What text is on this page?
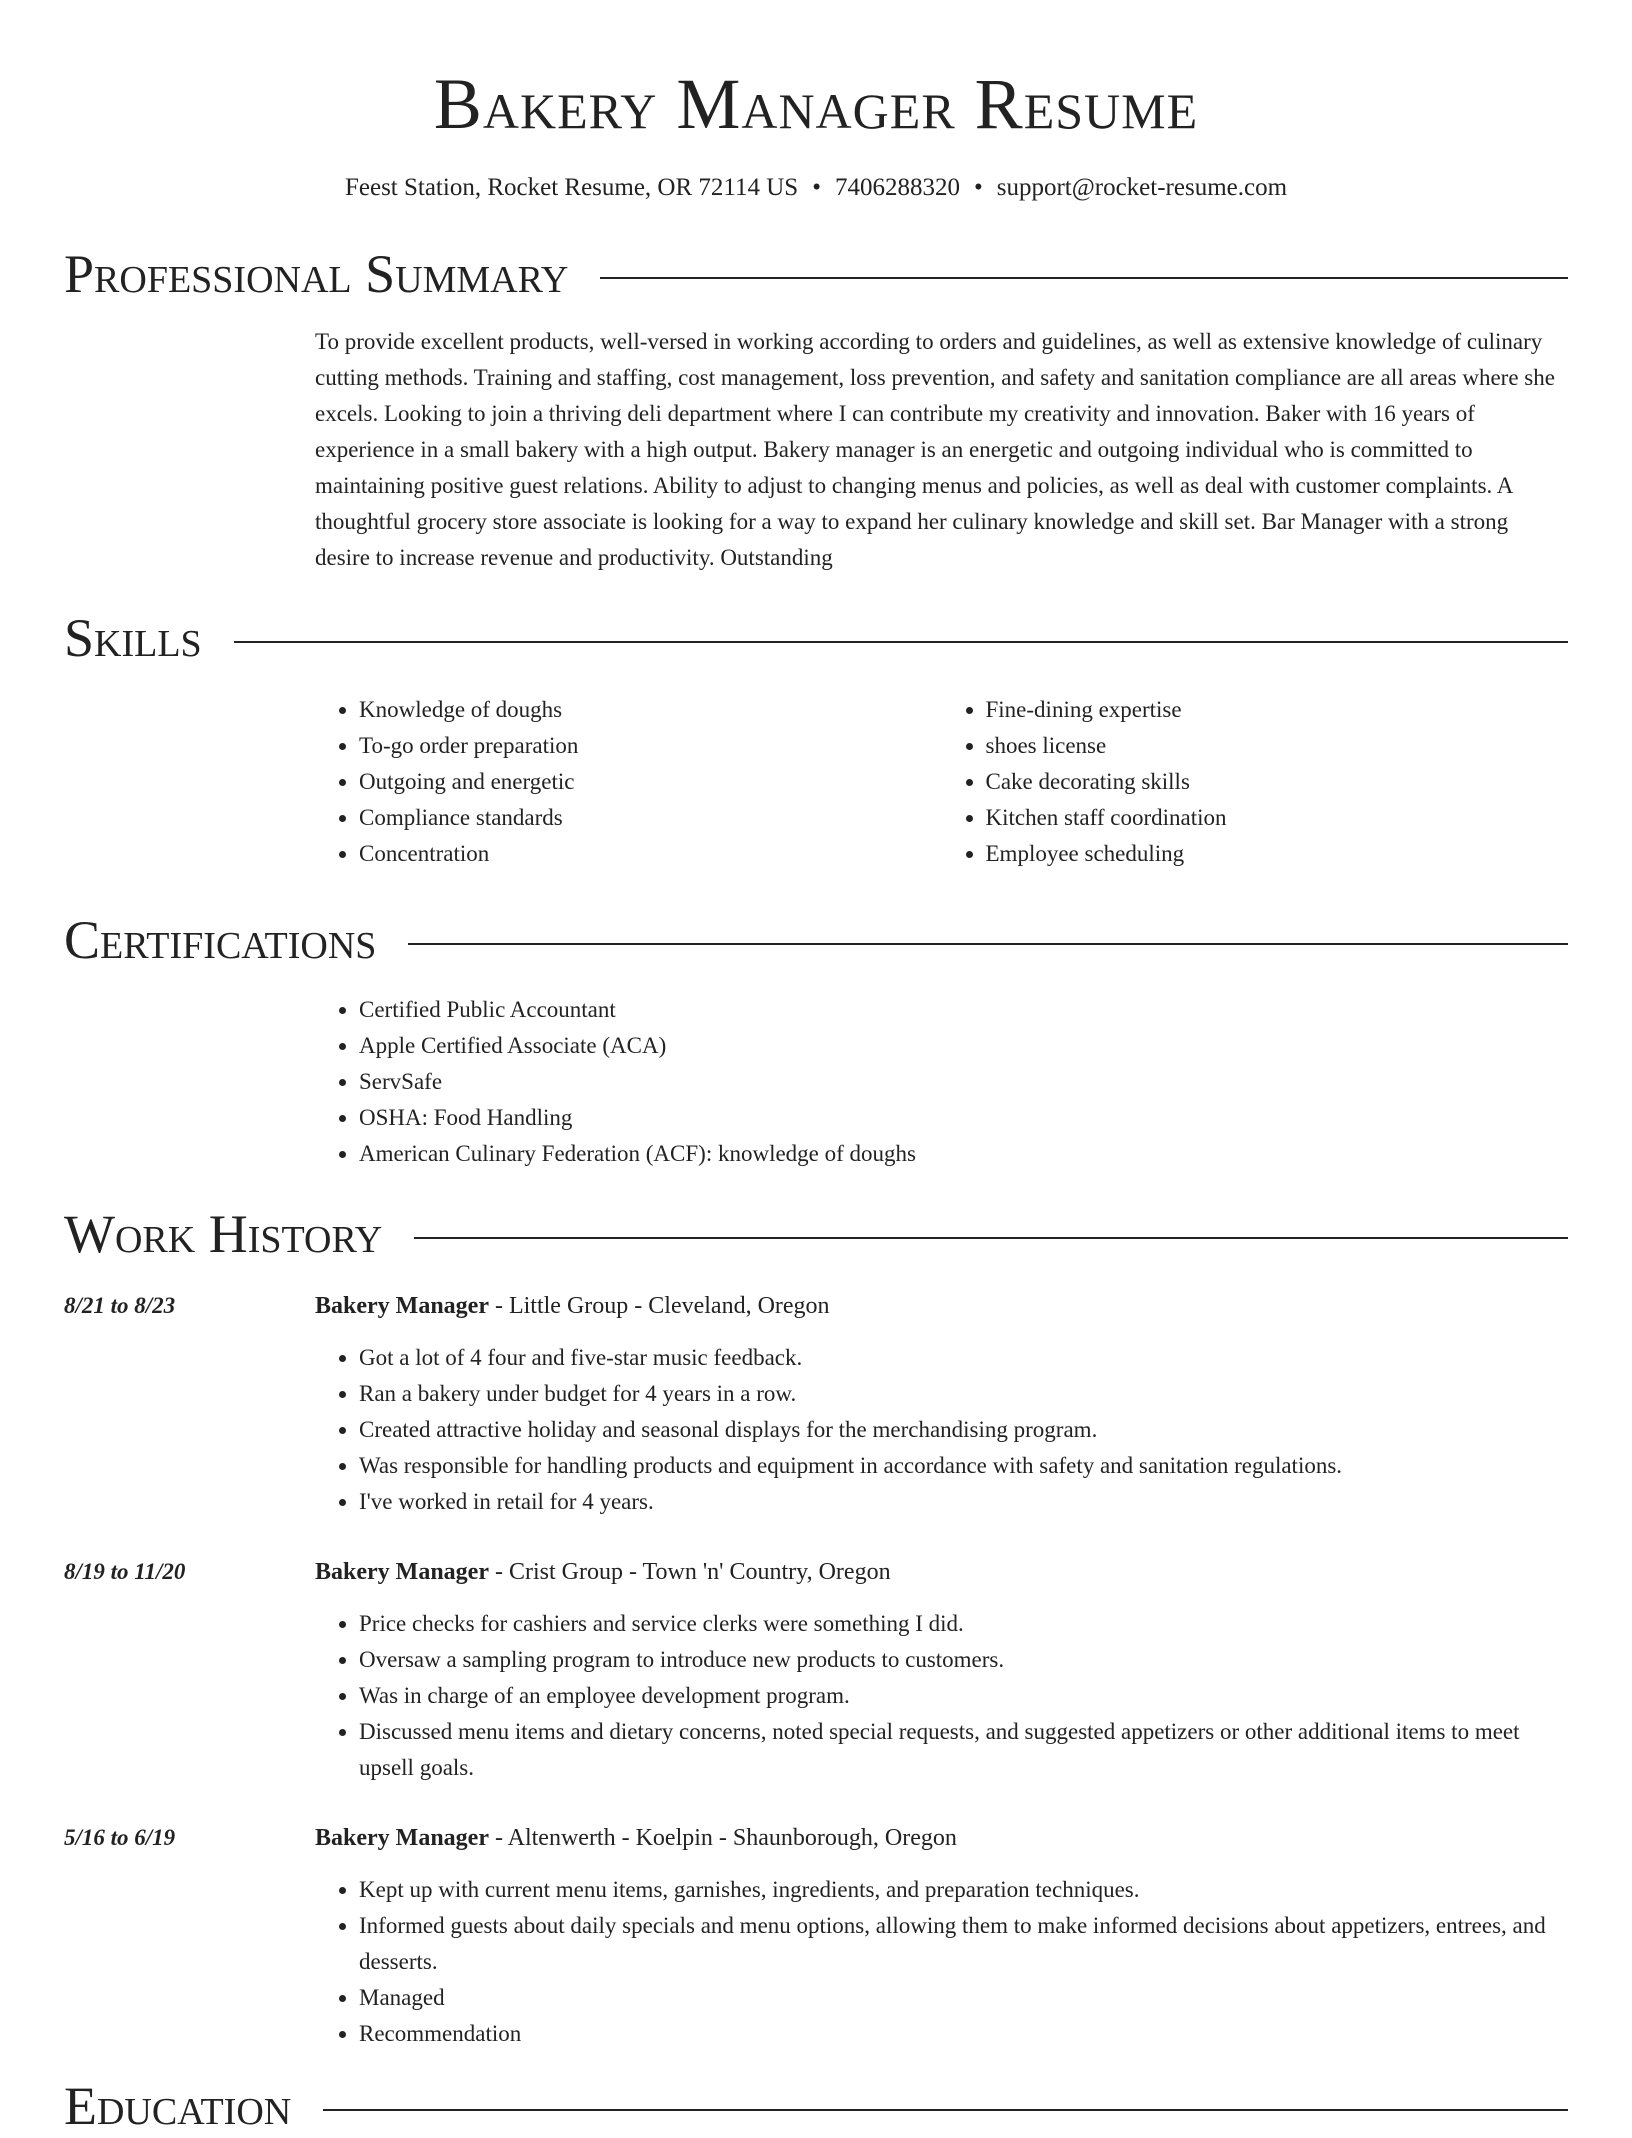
Bakery Manager Resume
Feest Station, Rocket Resume, OR 72114 US • 7406288320 • support@rocket-resume.com
Professional Summary
To provide excellent products, well-versed in working according to orders and guidelines, as well as extensive knowledge of culinary cutting methods. Training and staffing, cost management, loss prevention, and safety and sanitation compliance are all areas where she excels. Looking to join a thriving deli department where I can contribute my creativity and innovation. Baker with 16 years of experience in a small bakery with a high output. Bakery manager is an energetic and outgoing individual who is committed to maintaining positive guest relations. Ability to adjust to changing menus and policies, as well as deal with customer complaints. A thoughtful grocery store associate is looking for a way to expand her culinary knowledge and skill set. Bar Manager with a strong desire to increase revenue and productivity. Outstanding
Skills
• Knowledge of doughs
• To-go order preparation
• Outgoing and energetic
• Compliance standards
• Concentration
• Fine-dining expertise
• shoes license
• Cake decorating skills
• Kitchen staff coordination
• Employee scheduling
Certifications
• Certified Public Accountant
• Apple Certified Associate (ACA)
• ServSafe
• OSHA: Food Handling
• American Culinary Federation (ACF): knowledge of doughs
Work History
8/21 to 8/23	Bakery Manager - Little Group - Cleveland, Oregon
• Got a lot of 4 four and five-star music feedback.
• Ran a bakery under budget for 4 years in a row.
• Created attractive holiday and seasonal displays for the merchandising program.
• Was responsible for handling products and equipment in accordance with safety and sanitation regulations.
• I've worked in retail for 4 years.
8/19 to 11/20	Bakery Manager - Crist Group - Town 'n' Country, Oregon
• Price checks for cashiers and service clerks were something I did.
• Oversaw a sampling program to introduce new products to customers.
• Was in charge of an employee development program.
• Discussed menu items and dietary concerns, noted special requests, and suggested appetizers or other additional items to meet upsell goals.
5/16 to 6/19	Bakery Manager - Altenwerth - Koelpin - Shaunborough, Oregon
• Kept up with current menu items, garnishes, ingredients, and preparation techniques.
• Informed guests about daily specials and menu options, allowing them to make informed decisions about appetizers, entrees, and desserts.
• Managed
• Recommendation
Education
